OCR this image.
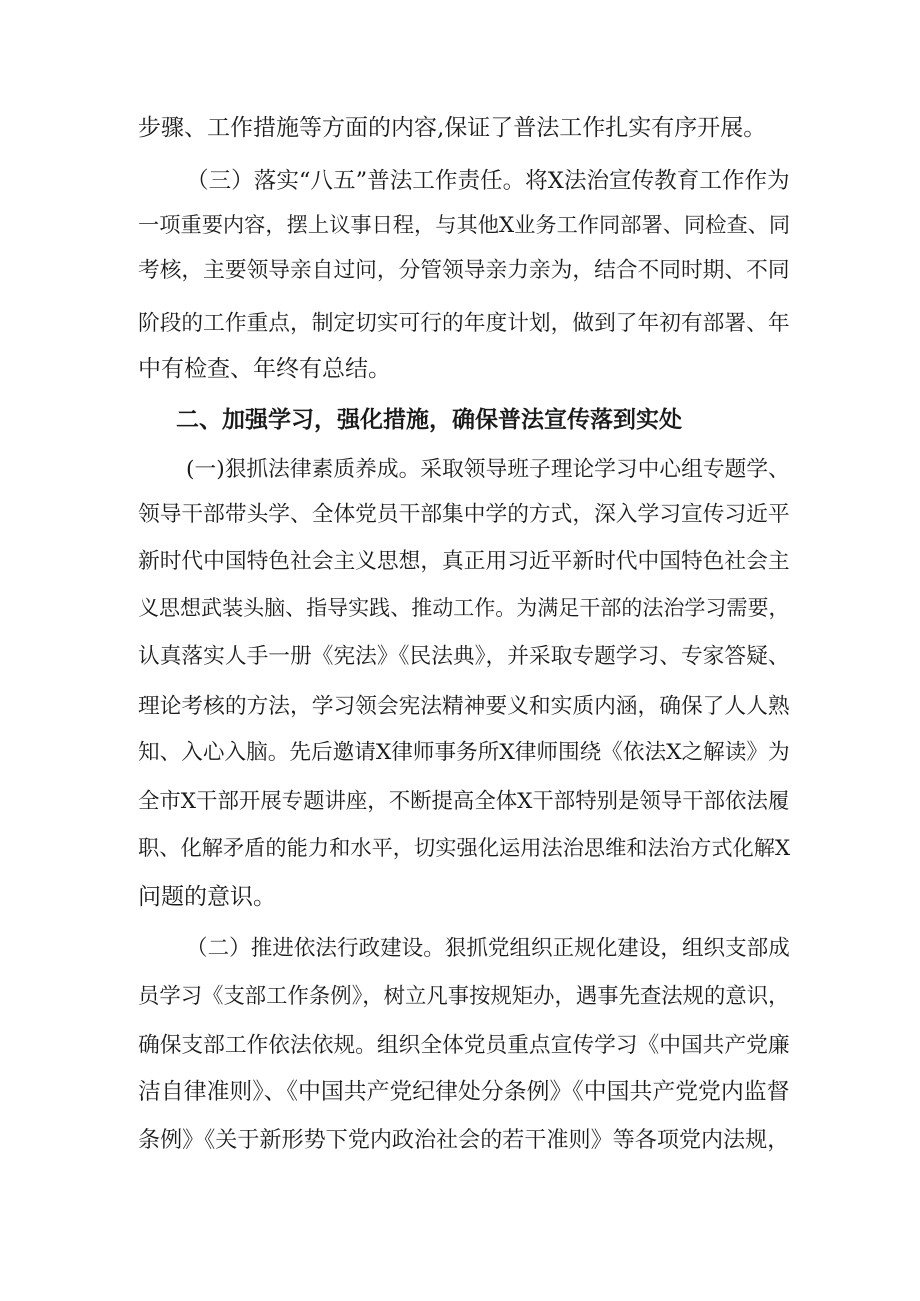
步骤、工作措施等方面的内容,保证了普法工作扎实有序开展。
（三）落实“八五”普法工作责任。将X法治宣传教育工作作为
一项重要内容，摆上议事日程，与其他X业务工作同部署、同检查、同
考核，主要领导亲自过问，分管领导亲力亲为，结合不同时期、不同
阶段的工作重点，制定切实可行的年度计划，做到了年初有部署、年
中有检查、年终有总结。
二、加强学习，强化措施，确保普法宣传落到实处
(一)狠抓法律素质养成。采取领导班子理论学习中心组专题学、
领导干部带头学、全体党员干部集中学的方式，深入学习宣传习近平
新时代中国特色社会主义思想，真正用习近平新时代中国特色社会主
义思想武装头脑、指导实践、推动工作。为满足干部的法治学习需要，
认真落实人手一册《宪法》《民法典》，并采取专题学习、专家答疑、
理论考核的方法，学习领会宪法精神要义和实质内涵，确保了人人熟
知、入心入脑。先后邀请X律师事务所X律师围绕《依法X之解读》为
全市X干部开展专题讲座，不断提高全体X干部特别是领导干部依法履
职、化解矛盾的能力和水平，切实强化运用法治思维和法治方式化解X
问题的意识。
（二）推进依法行政建设。狠抓党组织正规化建设，组织支部成
员学习《支部工作条例》，树立凡事按规矩办，遇事先查法规的意识，
确保支部工作依法依规。组织全体党员重点宣传学习《中国共产党廉
洁自律准则》、《中国共产党纪律处分条例》《中国共产党党内监督
条例》《关于新形势下党内政治社会的若干准则》等各项党内法规，
